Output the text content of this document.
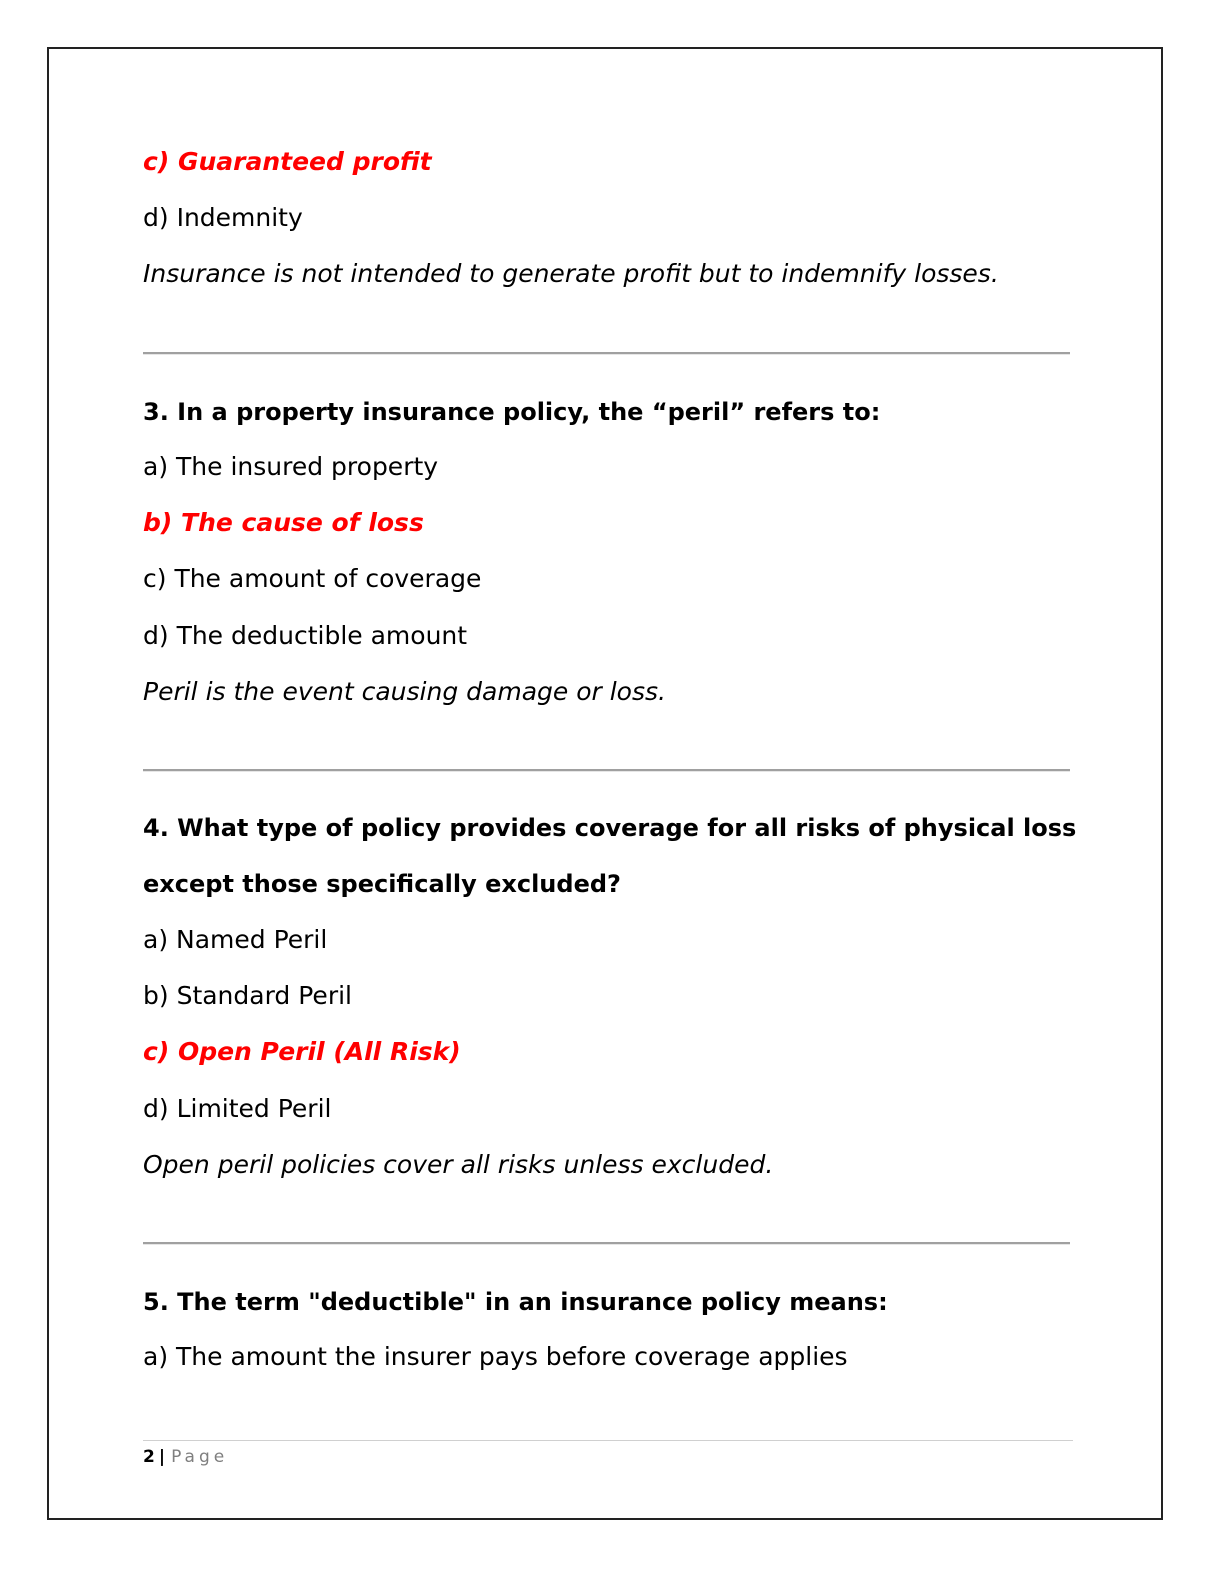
c) Guaranteed profit
d) Indemnity
Insurance is not intended to generate profit but to indemnify losses.
3. In a property insurance policy, the “peril” refers to:
a) The insured property
b) The cause of loss
c) The amount of coverage
d) The deductible amount
Peril is the event causing damage or loss.
4. What type of policy provides coverage for all risks of physical loss
except those specifically excluded?
a) Named Peril
b) Standard Peril
c) Open Peril (All Risk)
d) Limited Peril
Open peril policies cover all risks unless excluded.
5. The term "deductible" in an insurance policy means:
a) The amount the insurer pays before coverage applies
2 | Page
